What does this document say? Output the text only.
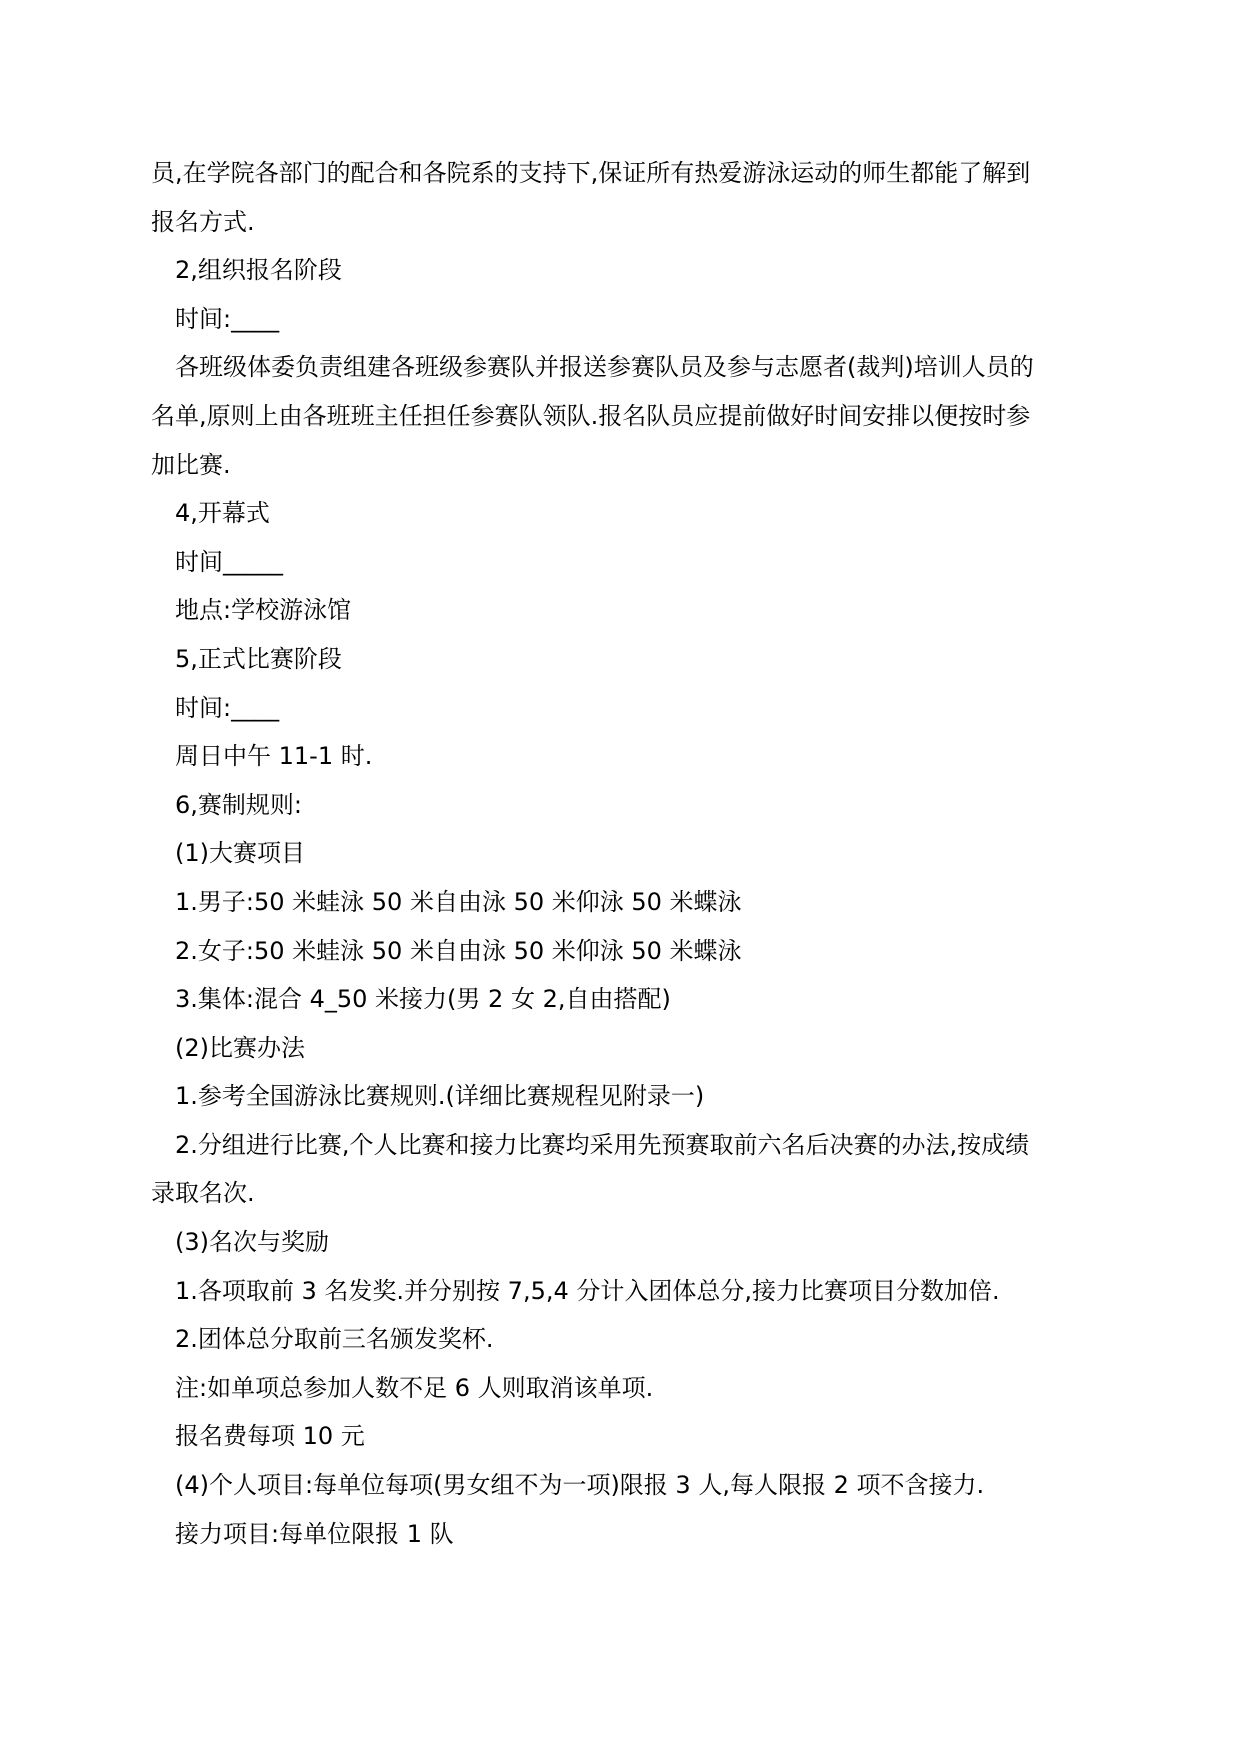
员,在学院各部门的配合和各院系的支持下,保证所有热爱游泳运动的师生都能了解到

报名方式.

2,组织报名阶段

时间:____

各班级体委负责组建各班级参赛队并报送参赛队员及参与志愿者(裁判)培训人员的

名单,原则上由各班班主任担任参赛队领队.报名队员应提前做好时间安排以便按时参

加比赛.

4,开幕式

时间_____

地点:学校游泳馆

5,正式比赛阶段

时间:____

周日中午 11-1 时.

6,赛制规则:

(1)大赛项目

1.男子:50 米蛙泳 50 米自由泳 50 米仰泳 50 米蝶泳

2.女子:50 米蛙泳 50 米自由泳 50 米仰泳 50 米蝶泳

3.集体:混合 4_50 米接力(男 2 女 2,自由搭配)

(2)比赛办法

1.参考全国游泳比赛规则.(详细比赛规程见附录一)

2.分组进行比赛,个人比赛和接力比赛均采用先预赛取前六名后决赛的办法,按成绩

录取名次.

(3)名次与奖励

1.各项取前 3 名发奖.并分别按 7,5,4 分计入团体总分,接力比赛项目分数加倍.

2.团体总分取前三名颁发奖杯.

注:如单项总参加人数不足 6 人则取消该单项.

报名费每项 10 元

(4)个人项目:每单位每项(男女组不为一项)限报 3 人,每人限报 2 项不含接力.

接力项目:每单位限报 1 队
